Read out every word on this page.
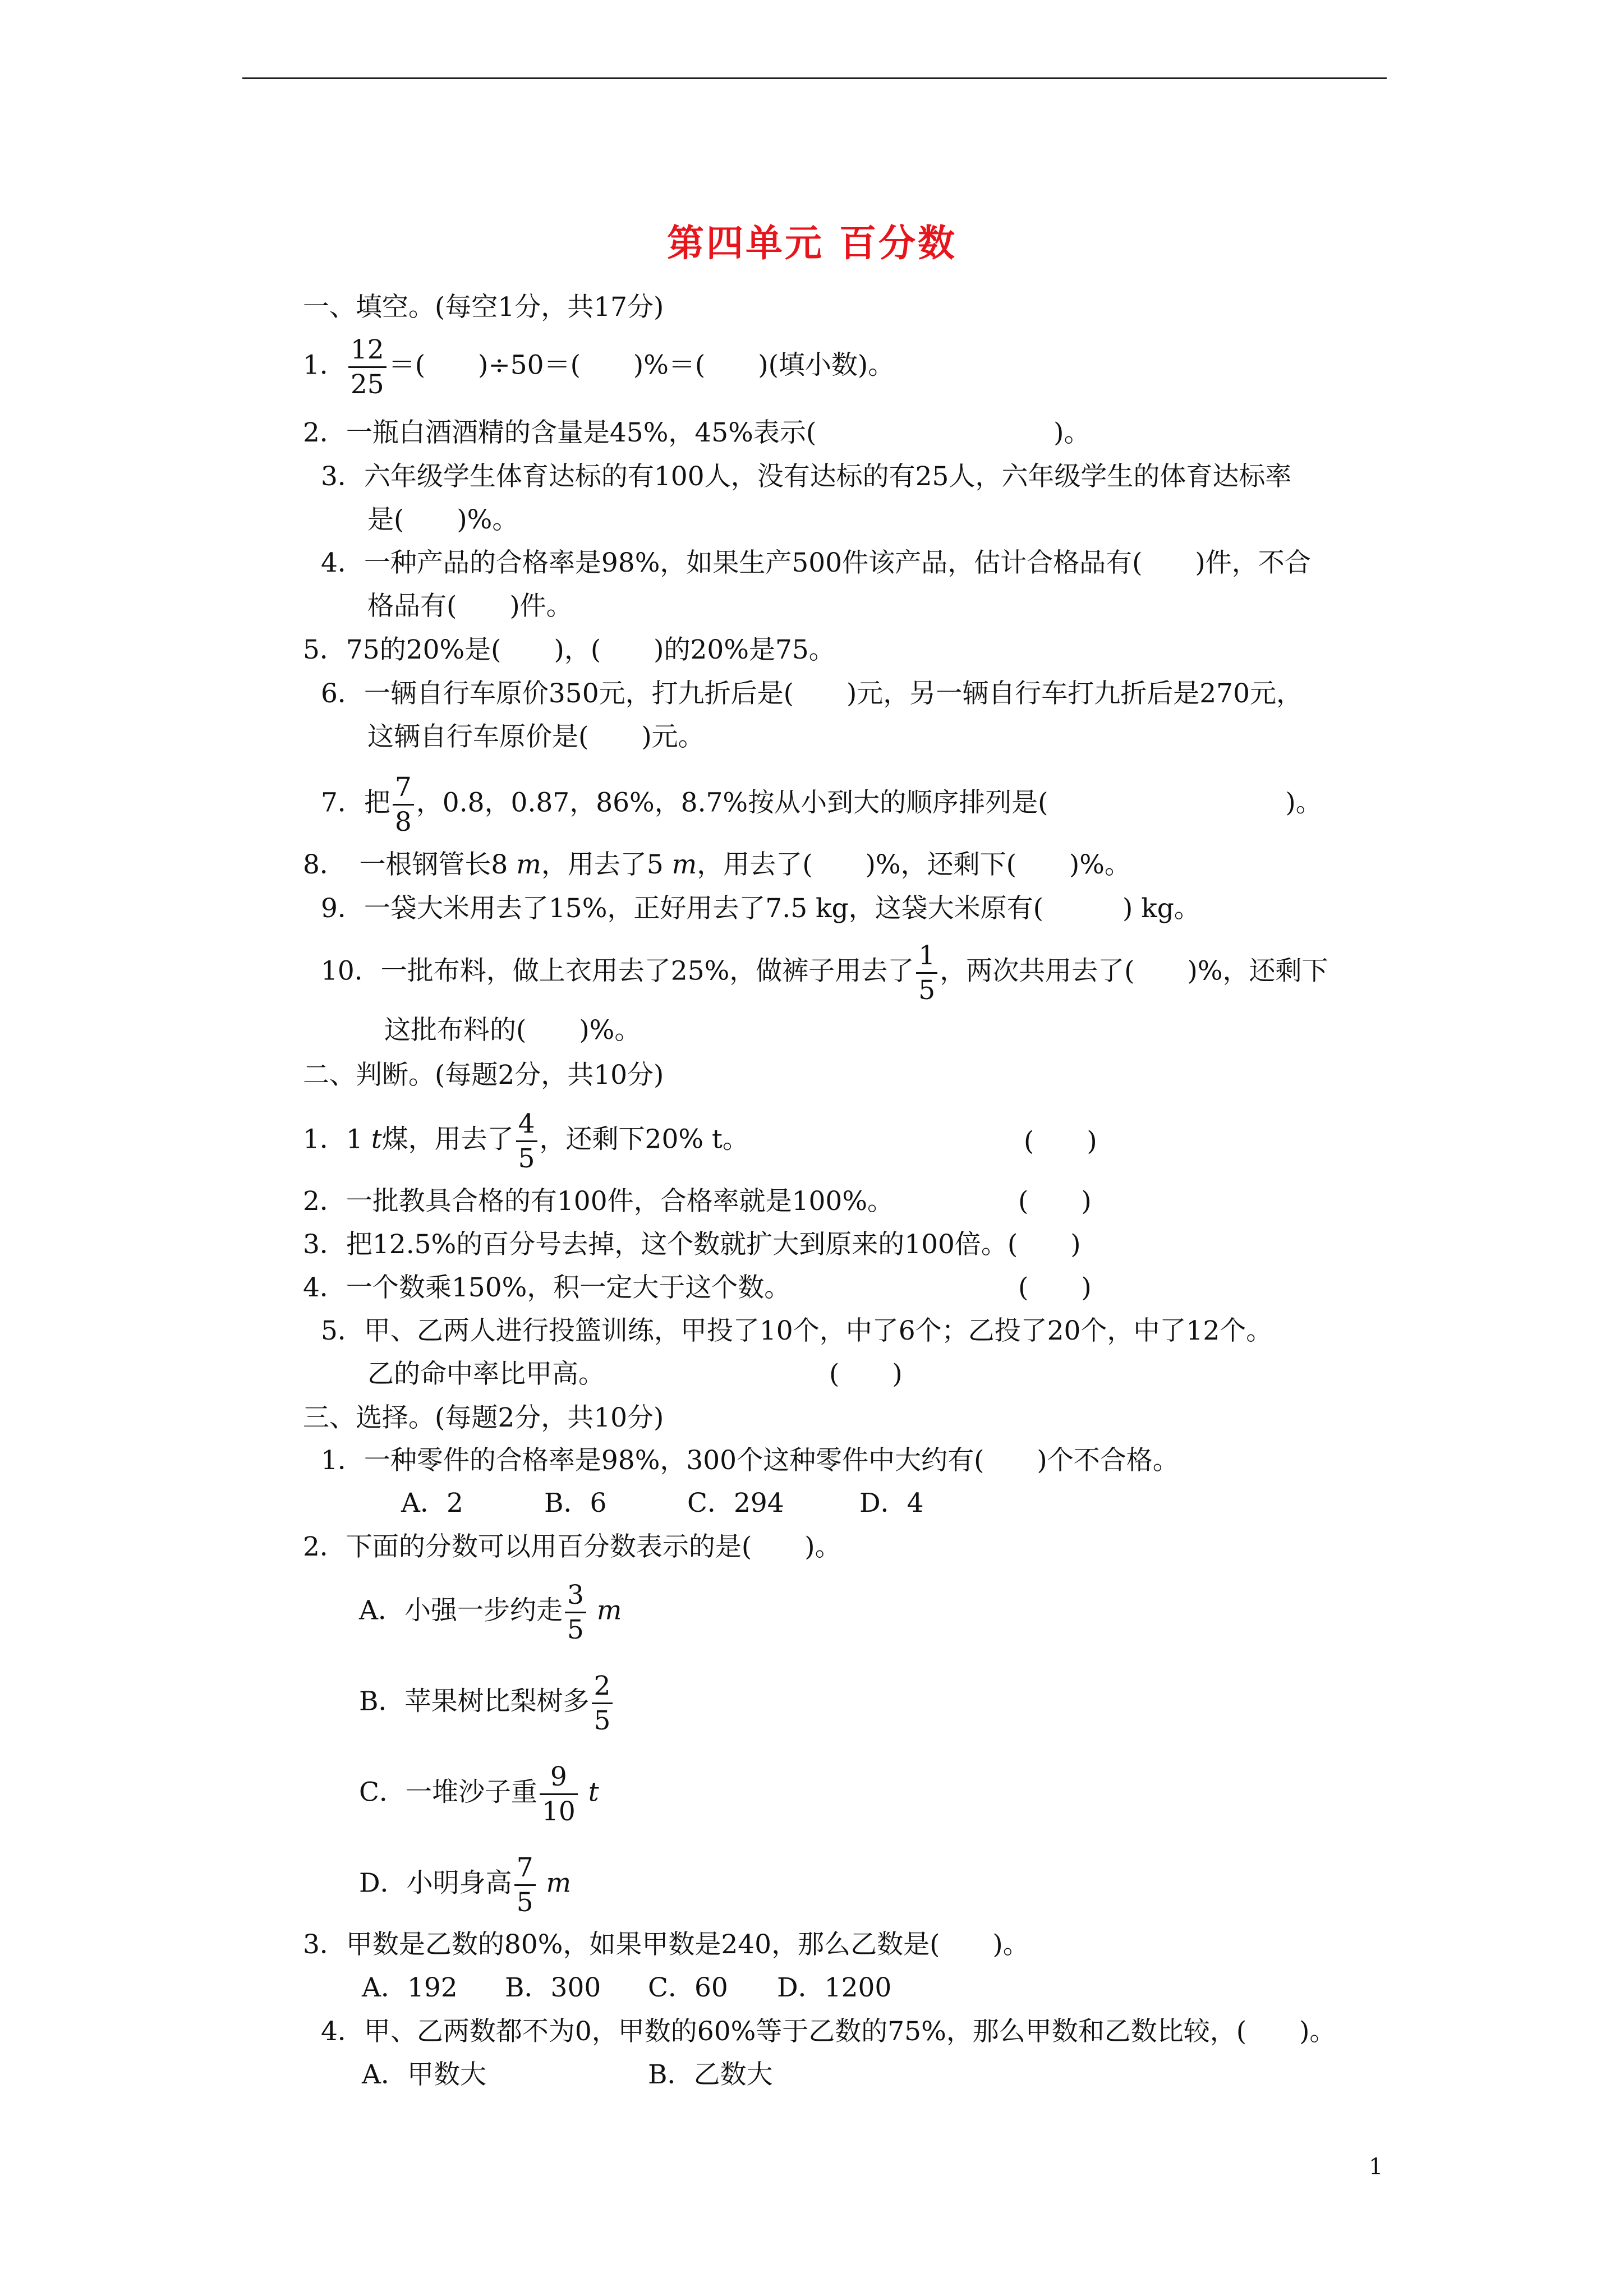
第四单元 百分数
一、填空。(每空1分，共17分)
1． $\frac{12}{25}$ ＝(　　)÷50＝(　　)%＝(　　)(填小数)。
2．一瓶白酒酒精的含量是45%，45%表示(　　　　　　　　　)。
3．六年级学生体育达标的有100人，没有达标的有25人，六年级学生的体育达标率
是(　　)%。
4．一种产品的合格率是98%，如果生产500件该产品，估计合格品有(　　)件，不合
格品有(　　)件。
5．75的20%是(　　)，(　　)的20%是75。
6．一辆自行车原价350元，打九折后是(　　)元，另一辆自行车打九折后是270元，
这辆自行车原价是(　　)元。
7．把 $\frac{7}{8}$ ，0.8，0.87，86%，8.7%按从小到大的顺序排列是(　　　　　　　　　)。
8．　一根钢管长8 m，用去了5 m，用去了(　　)%，还剩下(　　)%。
9．一袋大米用去了15%，正好用去了7.5 kg，这袋大米原有(　　　) kg。
10．一批布料，做上衣用去了25%，做裤子用去了 $\frac{1}{5}$ ，两次共用去了(　　)%，还剩下
这批布料的(　　)%。
二、判断。(每题2分，共10分)
1．1 t煤，用去了 $\frac{4}{5}$ ，还剩下20% t。	(　　)
2．一批教具合格的有100件，合格率就是100%。	(　　)
3．把12.5%的百分号去掉，这个数就扩大到原来的100倍。(　　)
4．一个数乘150%，积一定大于这个数。	(　　)
5．甲、乙两人进行投篮训练，甲投了10个，中了6个；乙投了20个，中了12个。
乙的命中率比甲高。	(　　)
三、选择。(每题2分，共10分)
1．一种零件的合格率是98%，300个这种零件中大约有(　　)个不合格。
A．2	B．6	C．294	D．4
2．下面的分数可以用百分数表示的是(　　)。
A．小强一步约走 $\frac{3}{5}$ m
B．苹果树比梨树多 $\frac{2}{5}$
C．一堆沙子重 $\frac{9}{10}$ t
D．小明身高 $\frac{7}{5}$ m
3．甲数是乙数的80%，如果甲数是240，那么乙数是(　　)。
A．192 B．300 C．60 D．1200
4．甲、乙两数都不为0，甲数的60%等于乙数的75%，那么甲数和乙数比较，(　　)。
A．甲数大	B．乙数大
1
